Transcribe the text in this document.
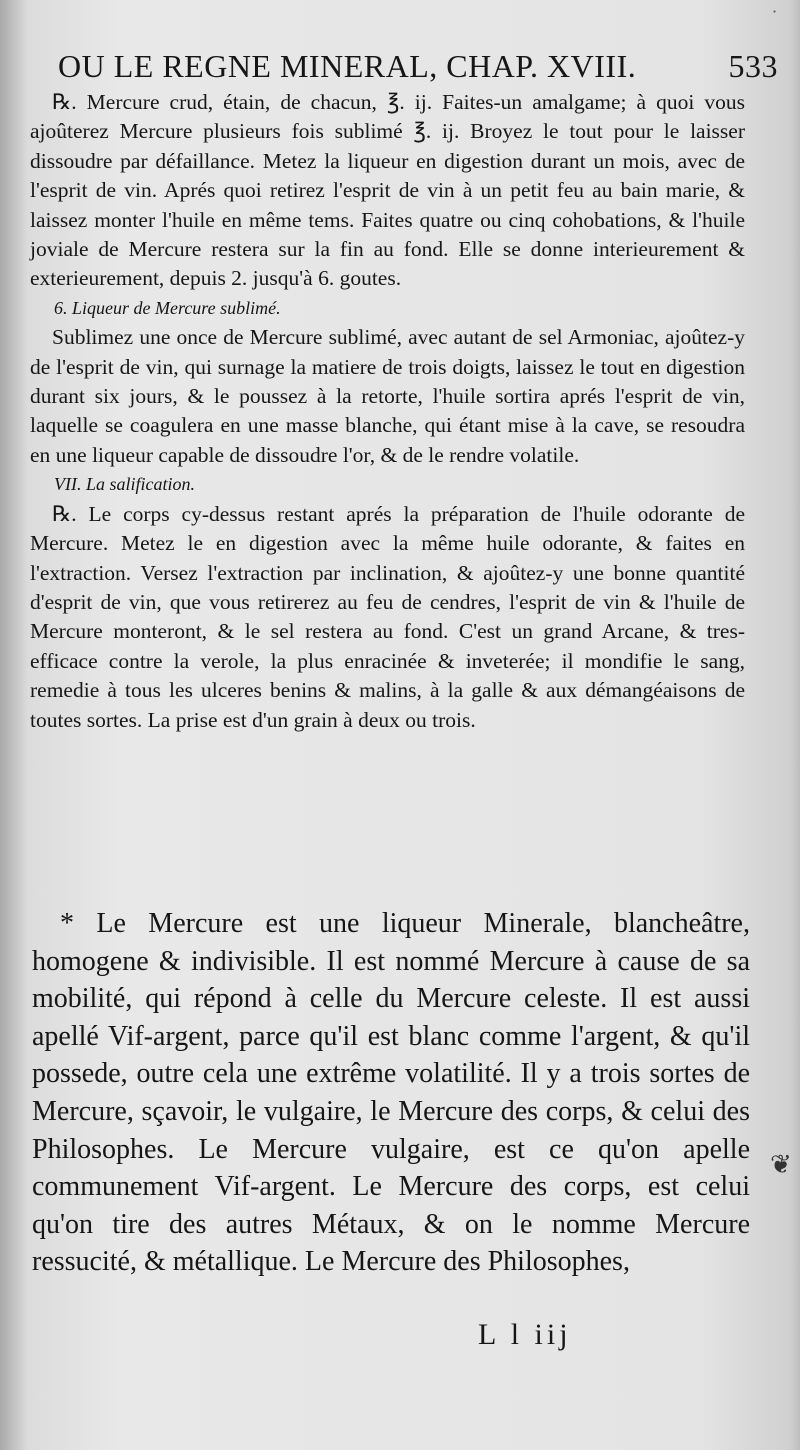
·
OU LE REGNE MINERAL, CHAP. XVIII.	533

℞. Mercure crud, étain, de chacun, ℥. ij. Faites-un amalgame; à quoi vous ajoûterez Mercure plusieurs fois sublimé ℥. ij. Broyez le tout pour le laisser dissoudre par défaillance. Metez la liqueur en digestion durant un mois, avec de l'esprit de vin. Aprés quoi retirez l'esprit de vin à un petit feu au bain marie, & laissez monter l'huile en même tems. Faites quatre ou cinq cohobations, & l'huile joviale de Mercure restera sur la fin au fond. Elle se donne interieurement & exterieurement, depuis 2. jusqu'à 6. goutes.

6. Liqueur de Mercure sublimé.

Sublimez une once de Mercure sublimé, avec autant de sel Armoniac, ajoûtez-y de l'esprit de vin, qui surnage la matiere de trois doigts, laissez le tout en digestion durant six jours, & le poussez à la retorte, l'huile sortira aprés l'esprit de vin, laquelle se coagulera en une masse blanche, qui étant mise à la cave, se resoudra en une liqueur capable de dissoudre l'or, & de le rendre volatile.

VII. La salification.

℞. Le corps cy-dessus restant aprés la préparation de l'huile odorante de Mercure. Metez le en digestion avec la même huile odorante, & faites en l'extraction. Versez l'extraction par inclination, & ajoûtez-y une bonne quantité d'esprit de vin, que vous retirerez au feu de cendres, l'esprit de vin & l'huile de Mercure monteront, & le sel restera au fond. C'est un grand Arcane, & tres-efficace contre la verole, la plus enracinée & inveterée; il mondifie le sang, remedie à tous les ulceres benins & malins, à la galle & aux démangéaisons de toutes sortes. La prise est d'un grain à deux ou trois.

* Le Mercure est une liqueur Minerale, blancheâtre, homogene & indivisible. Il est nommé Mercure à cause de sa mobilité, qui répond à celle du Mercure celeste. Il est aussi apellé Vif-argent, parce qu'il est blanc comme l'argent, & qu'il possede, outre cela une extrême volatilité. Il y a trois sortes de Mercure, sçavoir, le vulgaire, le Mercure des corps, & celui des Philosophes. Le Mercure vulgaire, est ce qu'on apelle communement Vif-argent. Le Mercure des corps, est celui qu'on tire des autres Métaux, & on le nomme Mercure ressucité, & métallique. Le Mercure des Philosophes,

❦
L l iij
